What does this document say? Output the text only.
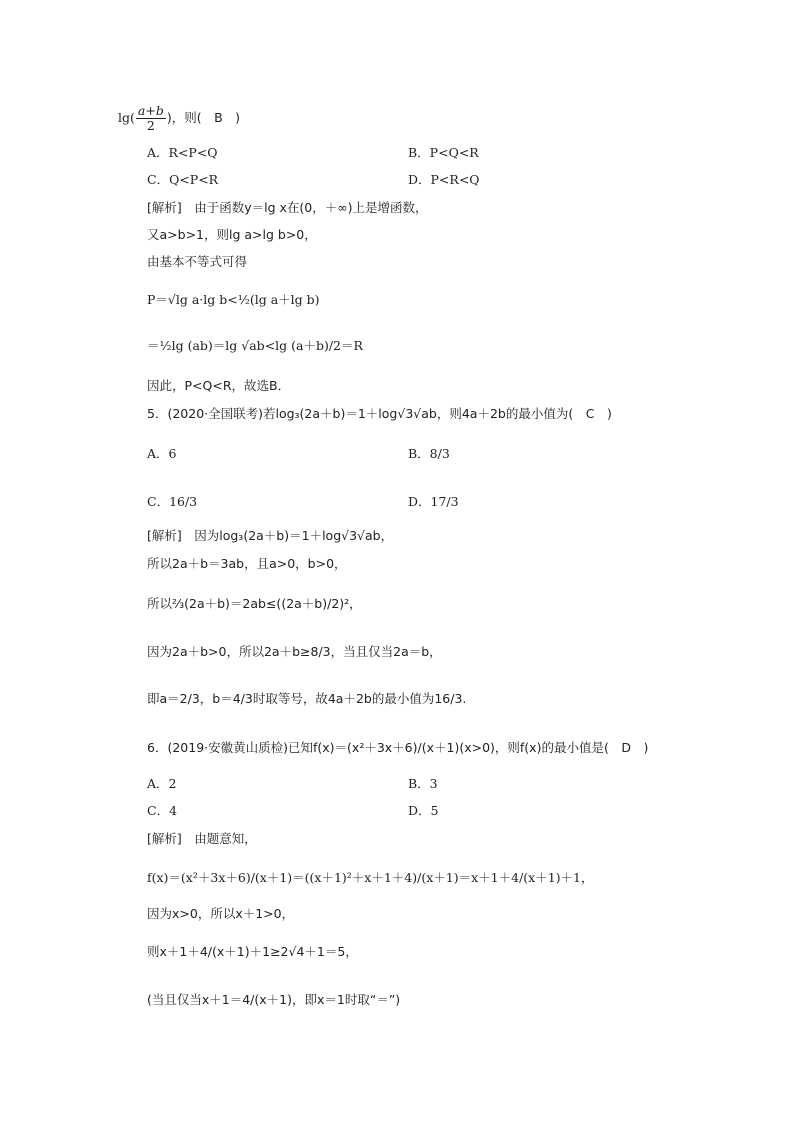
$\lg( \frac{a+b}{2}$ )，则(　B　)
A．R<P<Q	B．P<Q<R
C．Q<P<R	D．P<R<Q
[解析]　由于函数y＝lg x在(0，＋∞)上是增函数，
又a>b>1，则lg a>lg b>0，
由基本不等式可得
P＝√lg a·lg b<½(lg a＋lg b)
＝½lg (ab)＝lg √ab<lg (a＋b)/2＝R
因此，P<Q<R，故选B．
5．(2020·全国联考)若log₃(2a＋b)＝1＋log√3√ab，则4a＋2b的最小值为(　C　)
A．6	B．8/3
C．16/3	D．17/3
[解析]　因为log₃(2a＋b)＝1＋log√3√ab，
所以2a＋b＝3ab，且a>0，b>0，
所以⅔(2a＋b)＝2ab≤((2a＋b)/2)²，
因为2a＋b>0，所以2a＋b≥8/3，当且仅当2a＝b，
即a＝2/3，b＝4/3时取等号，故4a＋2b的最小值为16/3.
6．(2019·安徽黄山质检)已知f(x)＝(x²＋3x＋6)/(x＋1)(x>0)，则f(x)的最小值是(　D　)
A．2	B．3
C．4	D．5
[解析]　由题意知，
f(x)＝(x²＋3x＋6)/(x＋1)＝((x＋1)²＋x＋1＋4)/(x＋1)＝x＋1＋4/(x＋1)＋1，
因为x>0，所以x＋1>0，
则x＋1＋4/(x＋1)＋1≥2√4＋1＝5，
(当且仅当x＋1＝4/(x＋1)，即x＝1时取“＝”)
